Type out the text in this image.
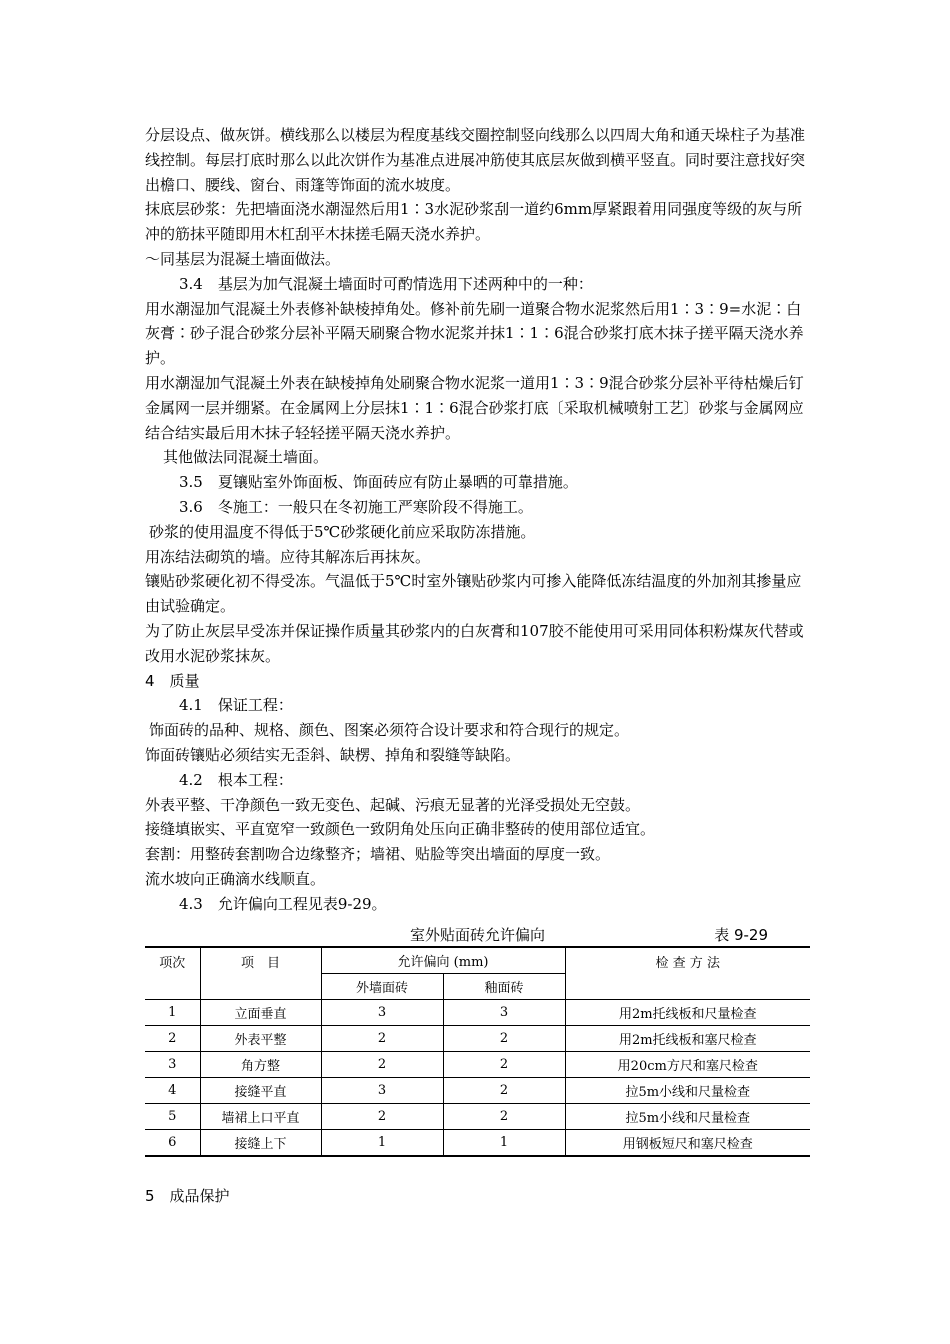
分层设点、做灰饼。横线那么以楼层为程度基线交圈控制竖向线那么以四周大角和通天垛柱子为基准线控制。每层打底时那么以此次饼作为基准点进展冲筋使其底层灰做到横平竖直。同时要注意找好突出檐口、腰线、窗台、雨篷等饰面的流水坡度。

抹底层砂浆：先把墙面浇水潮湿然后用1∶3水泥砂浆刮一道约6mm厚紧跟着用同强度等级的灰与所冲的筋抹平随即用木杠刮平木抹搓毛隔天浇水养护。

〜同基层为混凝土墙面做法。

3.4　基层为加气混凝土墙面时可酌情选用下述两种中的一种：

用水潮湿加气混凝土外表修补缺棱掉角处。修补前先刷一道聚合物水泥浆然后用1∶3∶9=水泥∶白灰膏∶砂子混合砂浆分层补平隔天刷聚合物水泥浆并抹1∶1∶6混合砂浆打底木抹子搓平隔天浇水养护。

用水潮湿加气混凝土外表在缺棱掉角处刷聚合物水泥浆一道用1∶3∶9混合砂浆分层补平待枯燥后钉金属网一层并绷紧。在金属网上分层抹1∶1∶6混合砂浆打底〔采取机械喷射工艺〕砂浆与金属网应结合结实最后用木抹子轻轻搓平隔天浇水养护。

其他做法同混凝土墙面。

3.5　夏镶贴室外饰面板、饰面砖应有防止暴晒的可靠措施。

3.6　冬施工：一般只在冬初施工严寒阶段不得施工。

砂浆的使用温度不得低于5℃砂浆硬化前应采取防冻措施。

用冻结法砌筑的墙。应待其解冻后再抹灰。

镶贴砂浆硬化初不得受冻。气温低于5℃时室外镶贴砂浆内可掺入能降低冻结温度的外加剂其掺量应由试验确定。

为了防止灰层早受冻并保证操作质量其砂浆内的白灰膏和107胶不能使用可采用同体积粉煤灰代替或改用水泥砂浆抹灰。

4　质量

4.1　保证工程：

饰面砖的品种、规格、颜色、图案必须符合设计要求和符合现行的规定。

饰面砖镶贴必须结实无歪斜、缺楞、掉角和裂缝等缺陷。

4.2　根本工程：

外表平整、干净颜色一致无变色、起碱、污痕无显著的光泽受损处无空鼓。

接缝填嵌实、平直宽窄一致颜色一致阴角处压向正确非整砖的使用部位适宜。

套割：用整砖套割吻合边缘整齐；墙裙、贴脸等突出墙面的厚度一致。

流水坡向正确滴水线顺直。

4.3　允许偏向工程见表9-29。

室外贴面砖允许偏向	表 9-29
项次	项　目	允许偏向 (mm)		检 查 方 法
		外墙面砖	釉面砖	
1	立面垂直	3	3	用2m托线板和尺量检查
2	外表平整	2	2	用2m托线板和塞尺检查
3	角方整	2	2	用20cm方尺和塞尺检查
4	接缝平直	3	2	拉5m小线和尺量检查
5	墙裙上口平直	2	2	拉5m小线和尺量检查
6	接缝上下	1	1	用钢板短尺和塞尺检查
5　成品保护
